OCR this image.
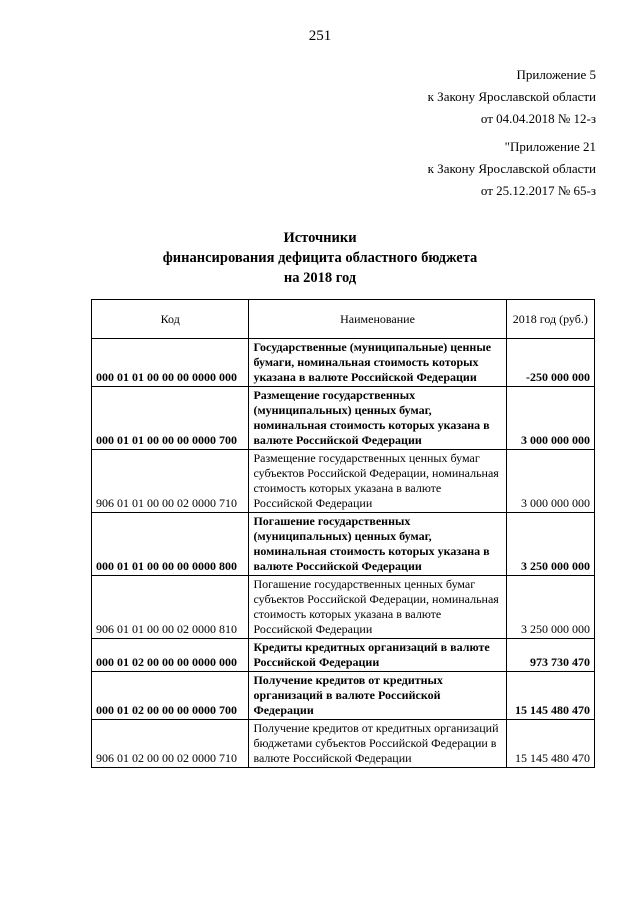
251
Приложение 5
к Закону Ярославской области
от 04.04.2018 № 12-з
"Приложение 21
к Закону Ярославской области
от 25.12.2017 № 65-з
Источники
финансирования дефицита областного бюджета
на 2018 год
Код	Наименование	2018 год (руб.)
000 01 01 00 00 00 0000 000	Государственные (муниципальные) ценные бумаги, номинальная стоимость которых указана в валюте Российской Федерации	-250 000 000
000 01 01 00 00 00 0000 700	Размещение государственных (муниципальных) ценных бумаг, номинальная стоимость которых указана в валюте Российской Федерации	3 000 000 000
906 01 01 00 00 02 0000 710	Размещение государственных ценных бумаг субъектов Российской Федерации, номинальная стоимость которых указана в валюте Российской Федерации	3 000 000 000
000 01 01 00 00 00 0000 800	Погашение государственных (муниципальных) ценных бумаг, номинальная стоимость которых указана в валюте Российской Федерации	3 250 000 000
906 01 01 00 00 02 0000 810	Погашение государственных ценных бумаг субъектов Российской Федерации, номинальная стоимость которых указана в валюте Российской Федерации	3 250 000 000
000 01 02 00 00 00 0000 000	Кредиты кредитных организаций в валюте Российской Федерации	973 730 470
000 01 02 00 00 00 0000 700	Получение кредитов от кредитных организаций в валюте Российской Федерации	15 145 480 470
906 01 02 00 00 02 0000 710	Получение кредитов от кредитных организаций бюджетами субъектов Российской Федерации в валюте Российской Федерации	15 145 480 470
